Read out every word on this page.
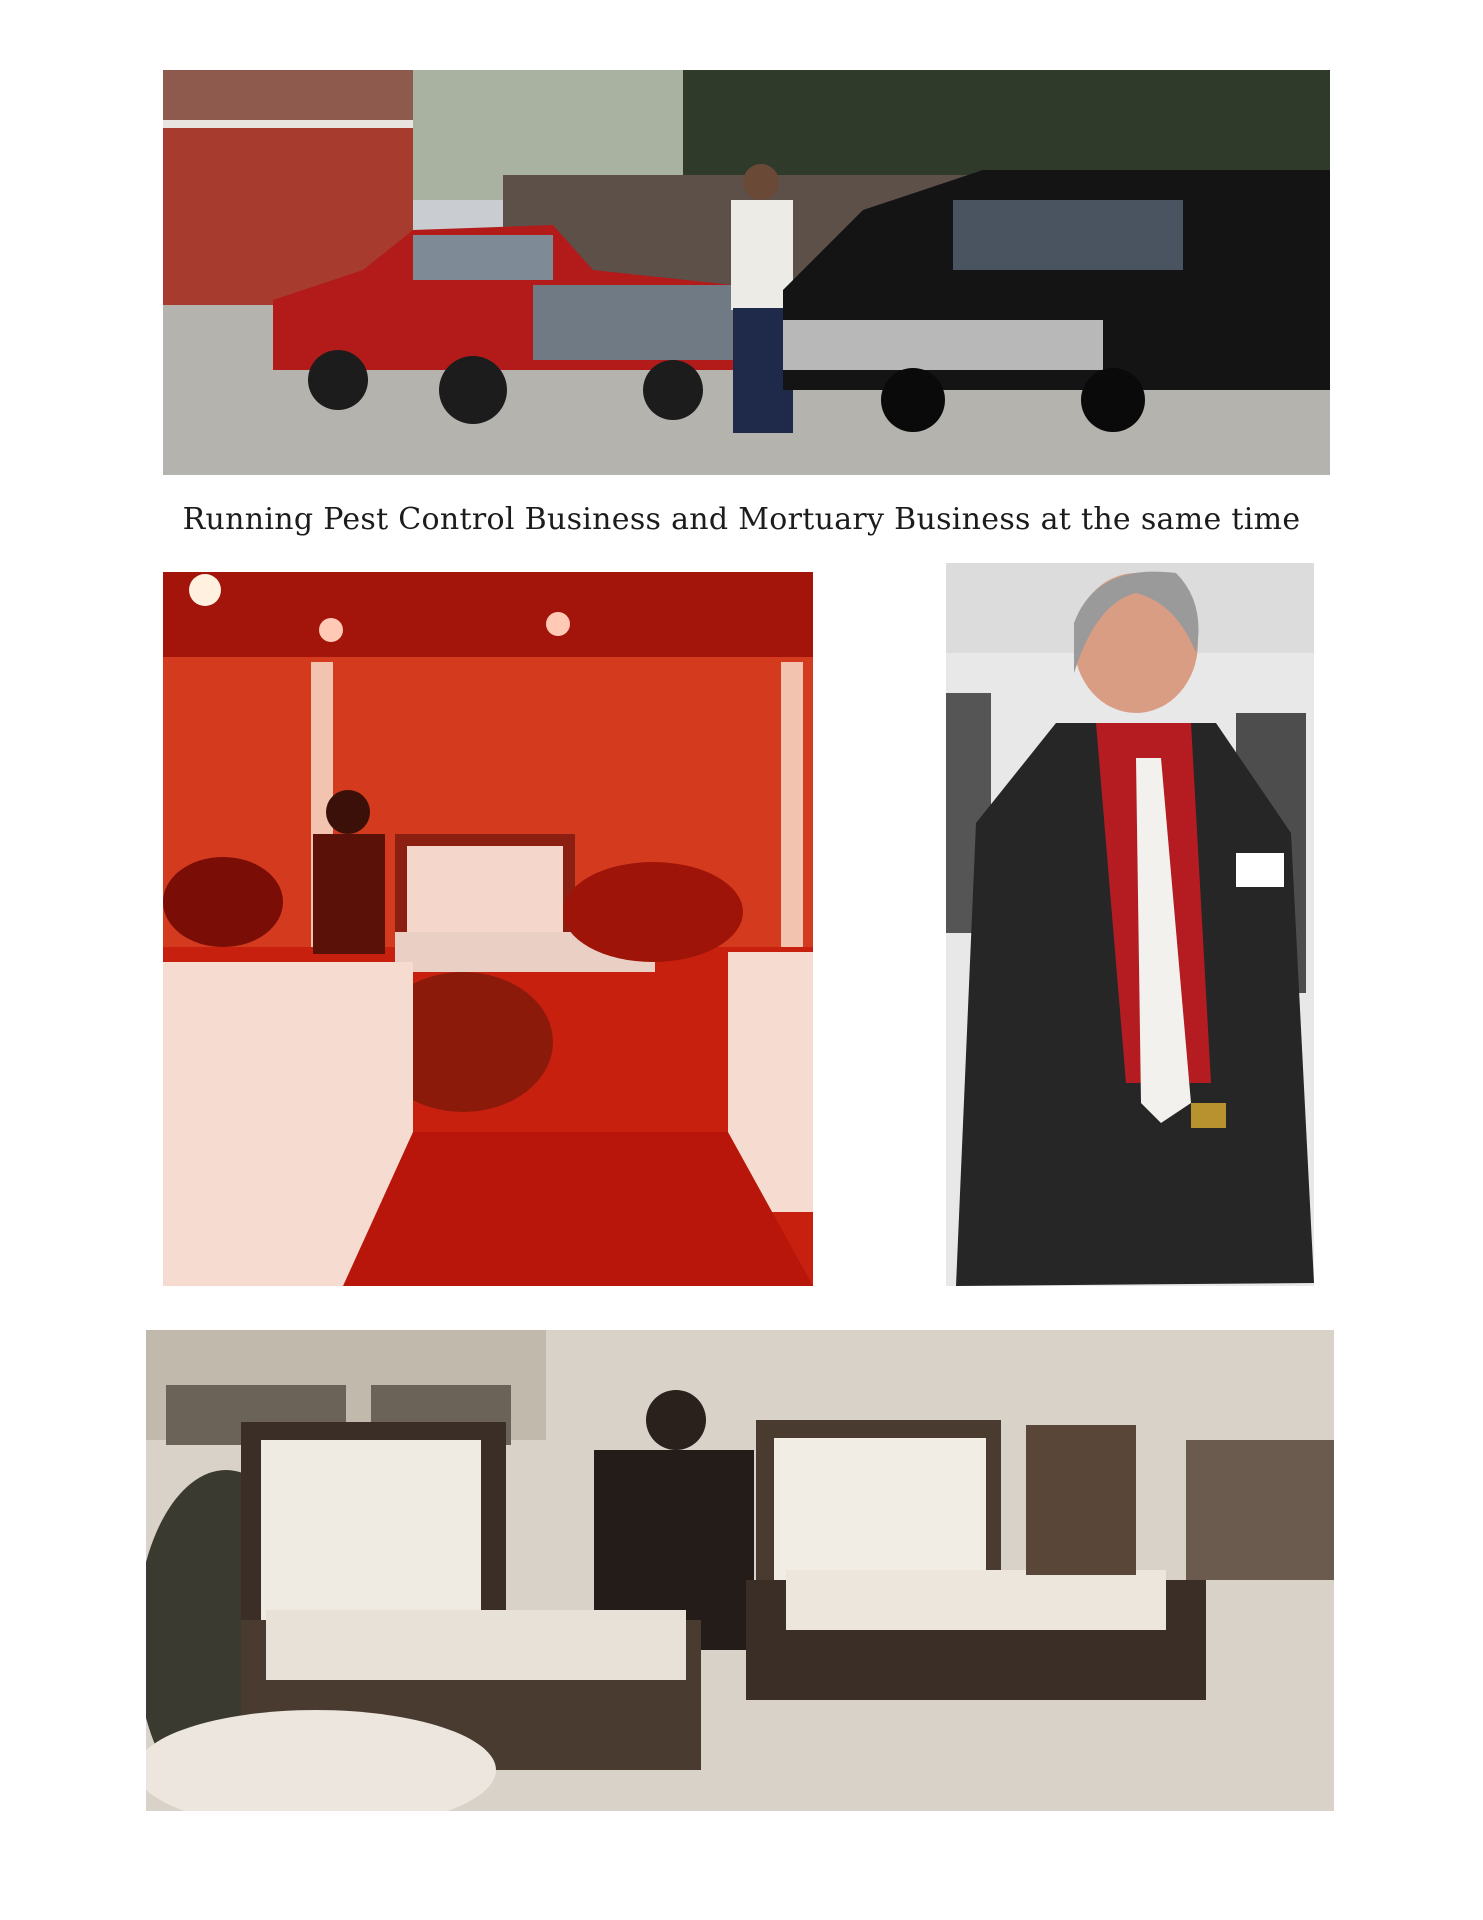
Running Pest Control Business and Mortuary Business at the same time
